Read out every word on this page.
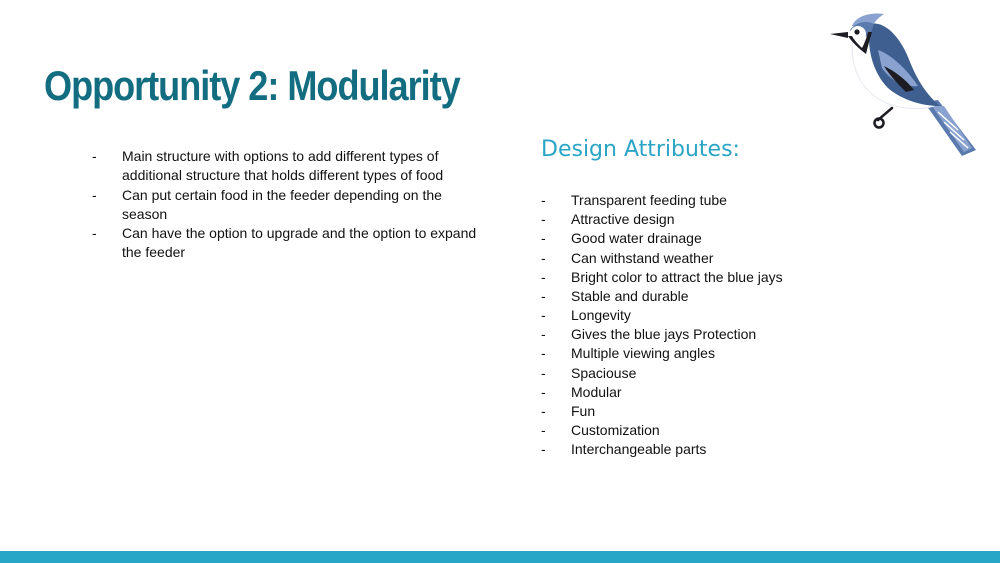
Opportunity 2: Modularity
- Main structure with options to add different types of additional structure that holds different types of food
- Can put certain food in the feeder depending on the season
- Can have the option to upgrade and the option to expand the feeder
Design Attributes:
- Transparent feeding tube
- Attractive design
- Good water drainage
- Can withstand weather
- Bright color to attract the blue jays
- Stable and durable
- Longevity
- Gives the blue jays Protection
- Multiple viewing angles
- Spaciouse
- Modular
- Fun
- Customization
- Interchangeable parts
